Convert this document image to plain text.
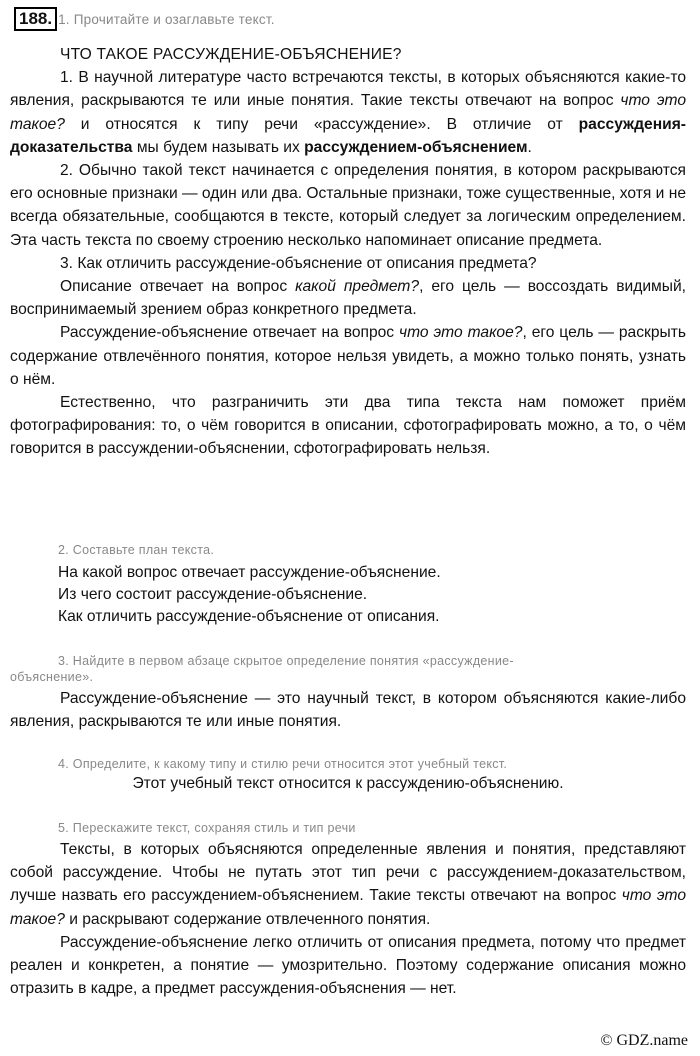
188. 1. Прочитайте и озаглавьте текст.

ЧТО ТАКОЕ РАССУЖДЕНИЕ-ОБЪЯСНЕНИЕ?

1. В научной литературе часто встречаются тексты, в которых объясняются какие-то явления, раскрываются те или иные понятия. Такие тексты отвечают на вопрос что это такое? и относятся к типу речи «рассуждение». В отличие от рассуждения-доказательства мы будем называть их рассуждением-объяснением.

2. Обычно такой текст начинается с определения понятия, в котором раскрываются его основные признаки — один или два. Остальные признаки, тоже существенные, хотя и не всегда обязательные, сообщаются в тексте, который следует за логическим определением. Эта часть текста по своему строению несколько напоминает описание предмета.

3. Как отличить рассуждение-объяснение от описания предмета?

Описание отвечает на вопрос какой предмет?, его цель — воссоздать видимый, воспринимаемый зрением образ конкретного предмета.

Рассуждение-объяснение отвечает на вопрос что это такое?, его цель — раскрыть содержание отвлечённого понятия, которое нельзя увидеть, а можно только понять, узнать о нём.

Естественно, что разграничить эти два типа текста нам поможет приём фотографирования: то, о чём говорится в описании, сфотографировать можно, а то, о чём говорится в рассуждении-объяснении, сфотографировать нельзя.

2. Составьте план текста.
На какой вопрос отвечает рассуждение-объяснение.
Из чего состоит рассуждение-объяснение.
Как отличить рассуждение-объяснение от описания.
3. Найдите в первом абзаце скрытое определение понятия «рассуждение-
объяснение».

Рассуждение-объяснение — это научный текст, в котором объясняются какие-либо явления, раскрываются те или иные понятия.

4. Определите, к какому типу и стилю речи относится этот учебный текст.
Этот учебный текст относится к рассуждению-объяснению.
5. Перескажите текст, сохраняя стиль и тип речи

Тексты, в которых объясняются определенные явления и понятия, представляют собой рассуждение. Чтобы не путать этот тип речи с рассуждением-доказательством, лучше назвать его рассуждением-объяснением. Такие тексты отвечают на вопрос что это такое? и раскрывают содержание отвлеченного понятия.

Рассуждение-объяснение легко отличить от описания предмета, потому что предмет реален и конкретен, а понятие — умозрительно. Поэтому содержание описания можно отразить в кадре, а предмет рассуждения-объяснения — нет.

© GDZ.name
